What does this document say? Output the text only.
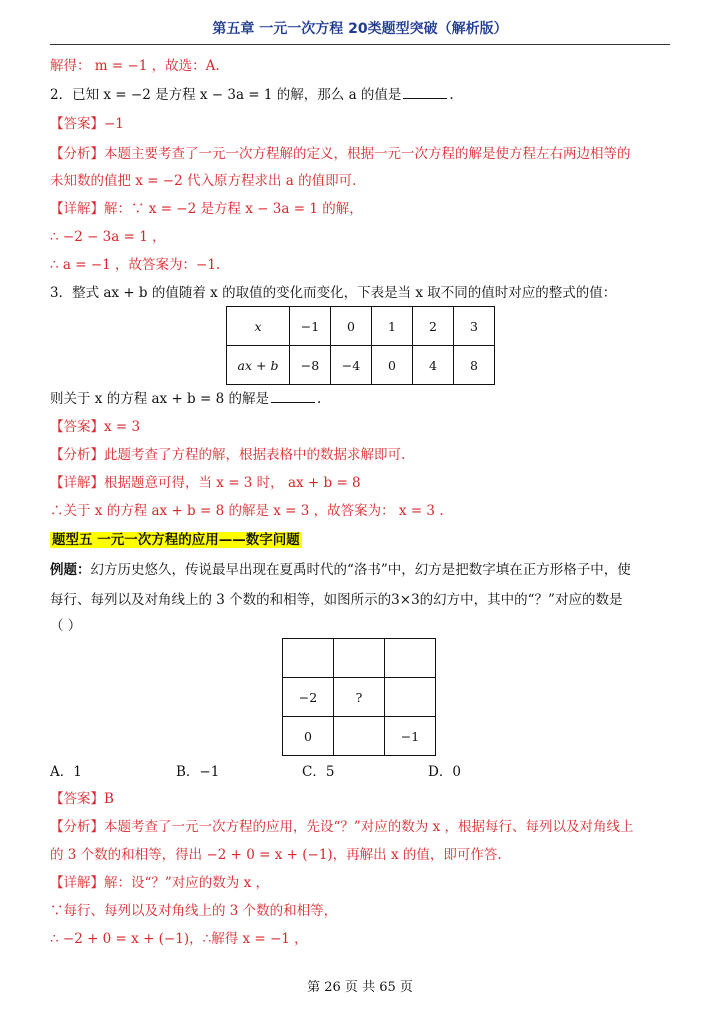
第五章 一元一次方程 20类题型突破（解析版）
解得： m = −1 ，故选：A.
2．已知 x = −2 是方程 x − 3a = 1 的解，那么 a 的值是	.
【答案】−1
【分析】本题主要考查了一元一次方程解的定义，根据一元一次方程的解是使方程左右两边相等的
未知数的值把 x = −2 代入原方程求出 a 的值即可.
【详解】解：∵ x = −2 是方程 x − 3a = 1 的解，
∴ −2 − 3a = 1 ，
∴ a = −1 ，故答案为：−1.
3．整式 ax + b 的值随着 x 的取值的变化而变化，下表是当 x 取不同的值时对应的整式的值：
x	−1	0	1	2	3
ax + b	−8	−4	0	4	8
则关于 x 的方程 ax + b = 8 的解是	.
【答案】x = 3
【分析】此题考查了方程的解，根据表格中的数据求解即可.
【详解】根据题意可得，当 x = 3 时， ax + b = 8
∴关于 x 的方程 ax + b = 8 的解是 x = 3 ，故答案为： x = 3 .
题型五 一元一次方程的应用——数字问题
例题：幻方历史悠久，传说最早出现在夏禹时代的“洛书”中，幻方是把数字填在正方形格子中，使
每行、每列以及对角线上的 3 个数的和相等，如图所示的3×3的幻方中，其中的“？”对应的数是
（ ）

−2	?	
0		−1
A．1	B．−1	C．5	D．0
【答案】B
【分析】本题考查了一元一次方程的应用，先设“？”对应的数为 x ，根据每行、每列以及对角线上
的 3 个数的和相等，得出 −2 + 0 = x + (−1)，再解出 x 的值，即可作答.
【详解】解：设“？”对应的数为 x ，
∵每行、每列以及对角线上的 3 个数的和相等，
∴ −2 + 0 = x + (−1)，∴解得 x = −1 ，
第 26 页 共 65 页
